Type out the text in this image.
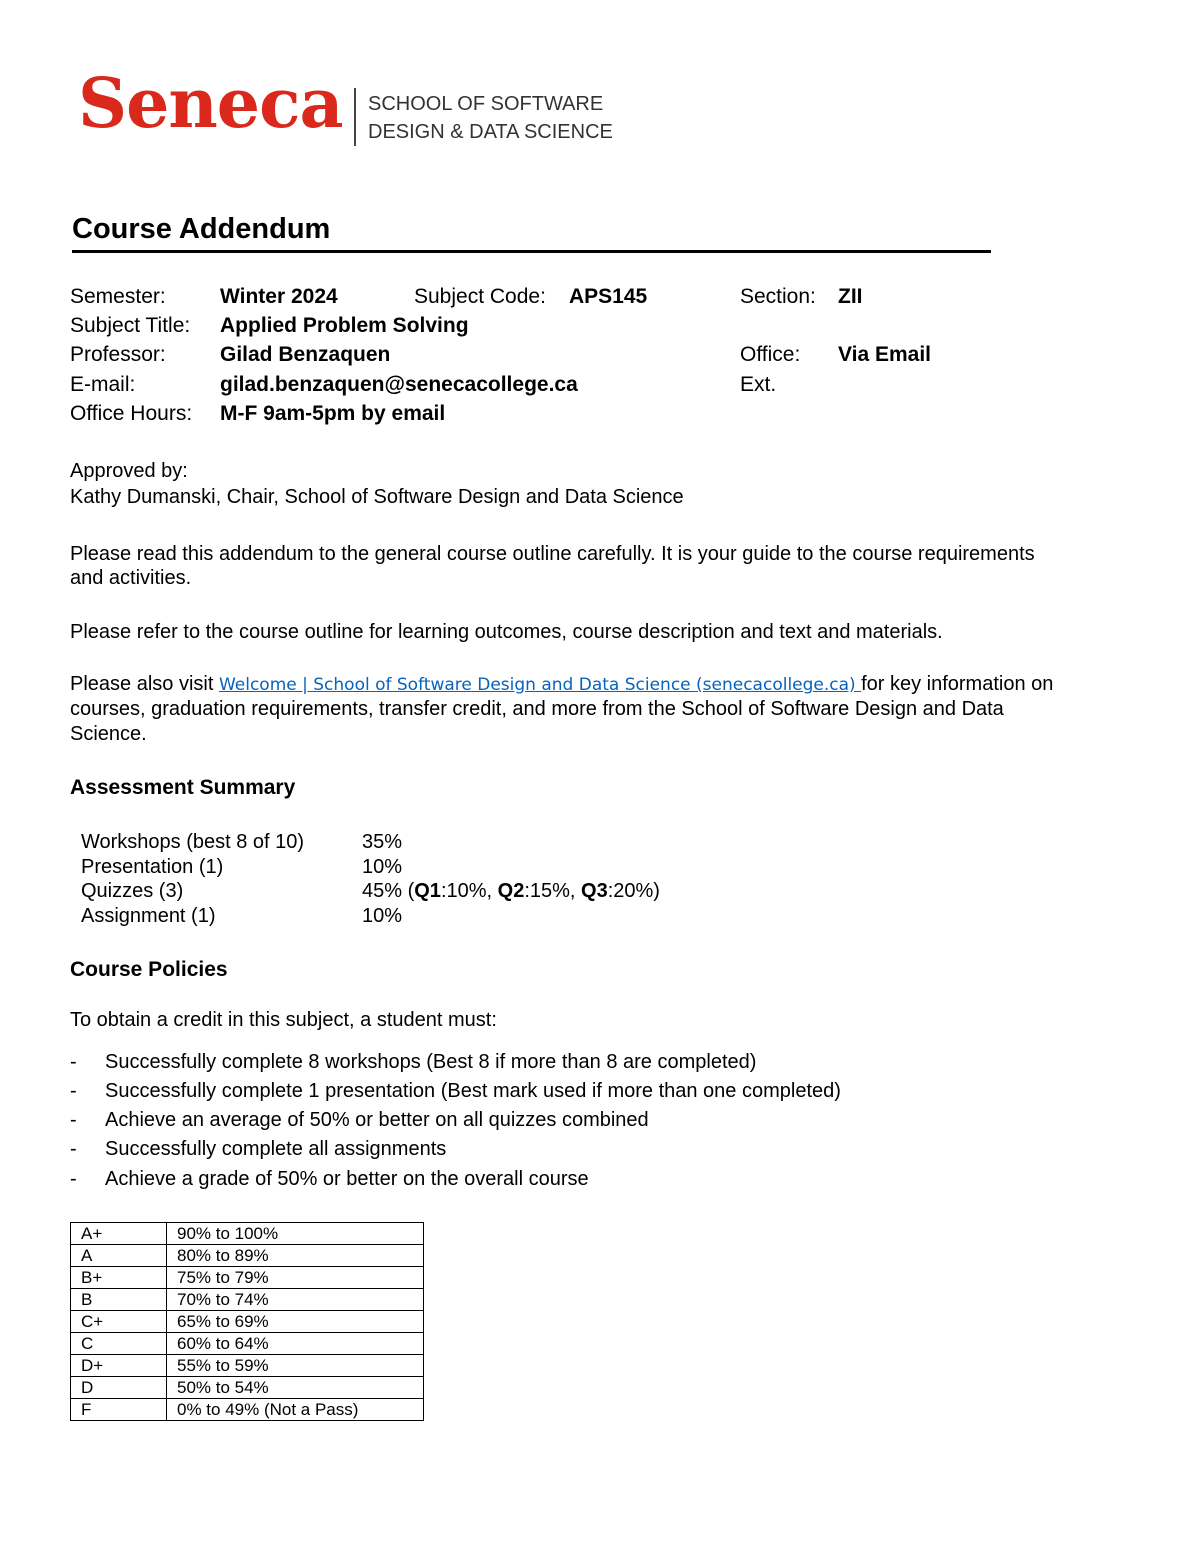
Seneca SCHOOL OF SOFTWARE
DESIGN & DATA SCIENCE
Course Addendum
Semester:	Winter 2024	Subject Code: APS145	Section: ZII
Subject Title: Applied Problem Solving
Professor:	Gilad Benzaquen	Office: Via Email
E-mail:	gilad.benzaquen@senecacollege.ca	Ext.
Office Hours: M-F 9am-5pm by email
Approved by:
Kathy Dumanski, Chair, School of Software Design and Data Science
Please read this addendum to the general course outline carefully. It is your guide to the course requirements
and activities.
Please refer to the course outline for learning outcomes, course description and text and materials.
Please also visit Welcome | School of Software Design and Data Science (senecacollege.ca) for key information on
courses, graduation requirements, transfer credit, and more from the School of Software Design and Data
Science.
Assessment Summary
Workshops (best 8 of 10)	35%
Presentation (1)	10%
Quizzes (3)	45% (Q1:10%, Q2:15%, Q3:20%)
Assignment (1)	10%
Course Policies
To obtain a credit in this subject, a student must:
- Successfully complete 8 workshops (Best 8 if more than 8 are completed)
- Successfully complete 1 presentation (Best mark used if more than one completed)
- Achieve an average of 50% or better on all quizzes combined
- Successfully complete all assignments
- Achieve a grade of 50% or better on the overall course
A+	90% to 100%
A	80% to 89%
B+	75% to 79%
B	70% to 74%
C+	65% to 69%
C	60% to 64%
D+	55% to 59%
D	50% to 54%
F	0% to 49% (Not a Pass)
